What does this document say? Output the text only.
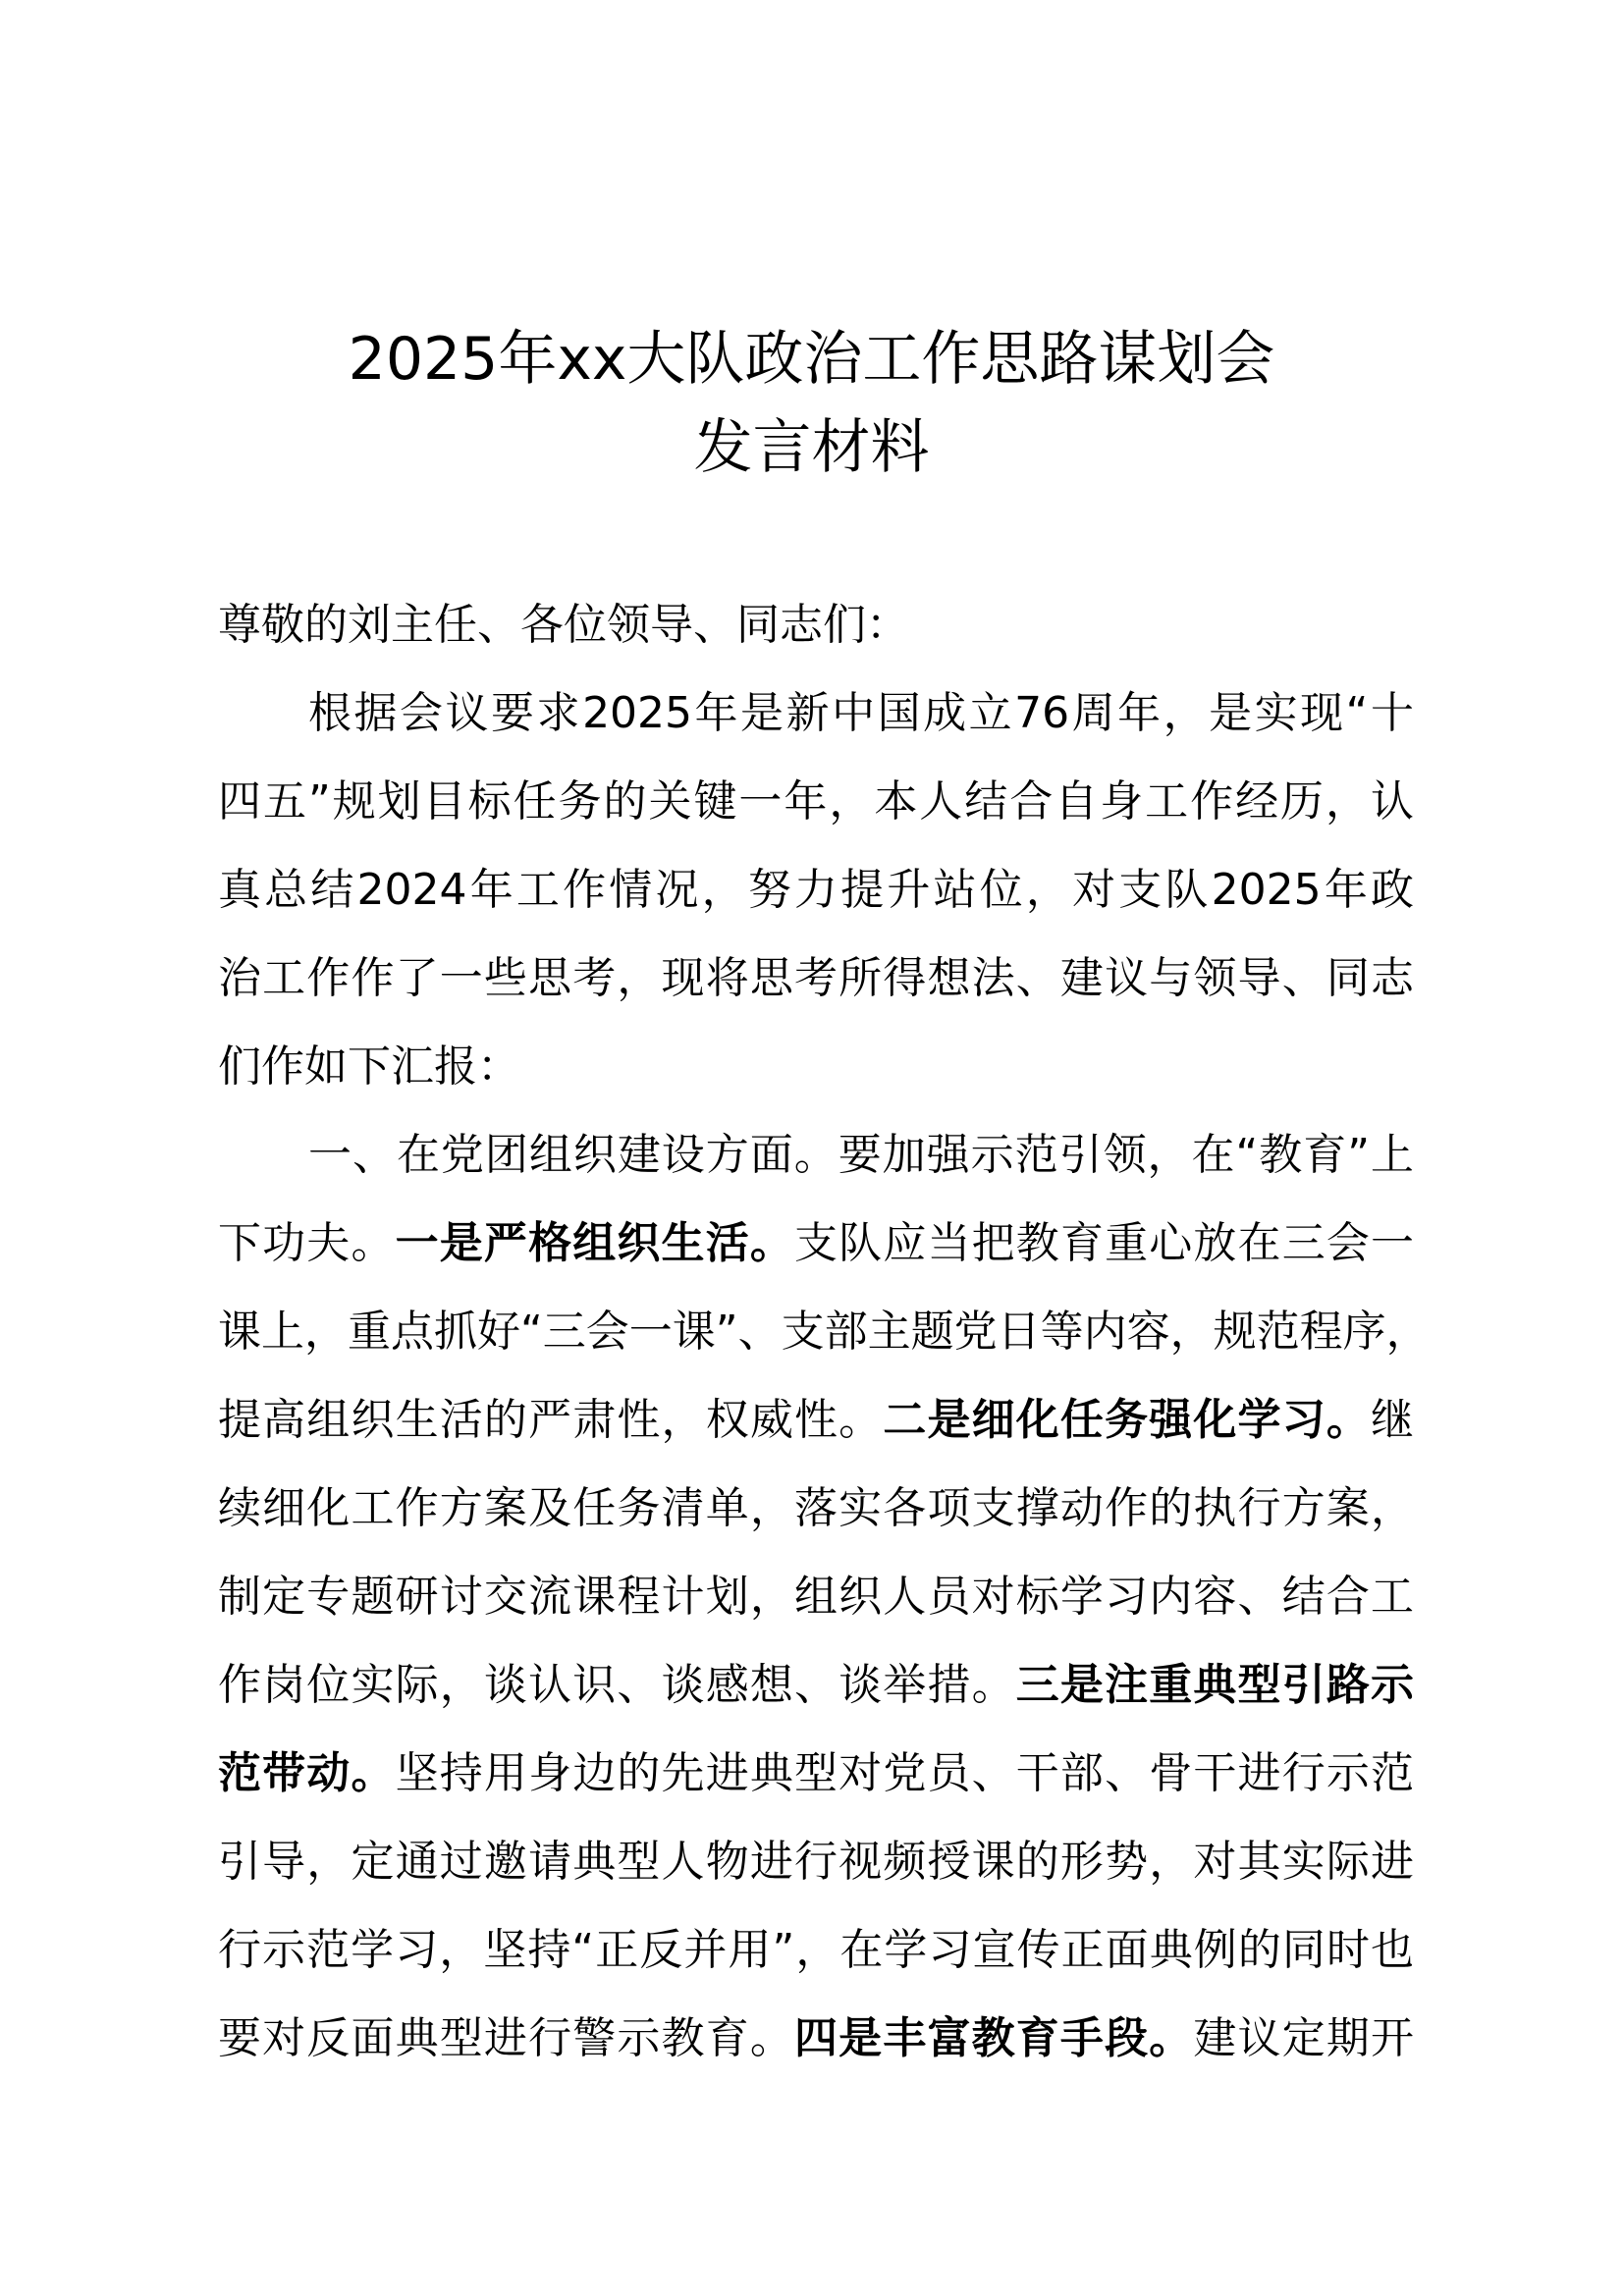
2025年xx大队政治工作思路谋划会
发言材料
尊敬的刘主任、各位领导、同志们：
根据会议要求2025年是新中国成立76周年，是实现“十
四五”规划目标任务的关键一年，本人结合自身工作经历，认
真总结2024年工作情况，努力提升站位，对支队2025年政
治工作作了一些思考，现将思考所得想法、建议与领导、同志
们作如下汇报：
一、在党团组织建设方面。要加强示范引领，在“教育”上
下功夫。一是严格组织生活。支队应当把教育重心放在三会一
课上，重点抓好“三会一课”、支部主题党日等内容，规范程序，
提高组织生活的严肃性，权威性。二是细化任务强化学习。继
续细化工作方案及任务清单，落实各项支撑动作的执行方案，
制定专题研讨交流课程计划，组织人员对标学习内容、结合工
作岗位实际，谈认识、谈感想、谈举措。三是注重典型引路示
范带动。坚持用身边的先进典型对党员、干部、骨干进行示范
引导，定通过邀请典型人物进行视频授课的形势，对其实际进
行示范学习，坚持“正反并用”，在学习宣传正面典例的同时也
要对反面典型进行警示教育。四是丰富教育手段。建议定期开
